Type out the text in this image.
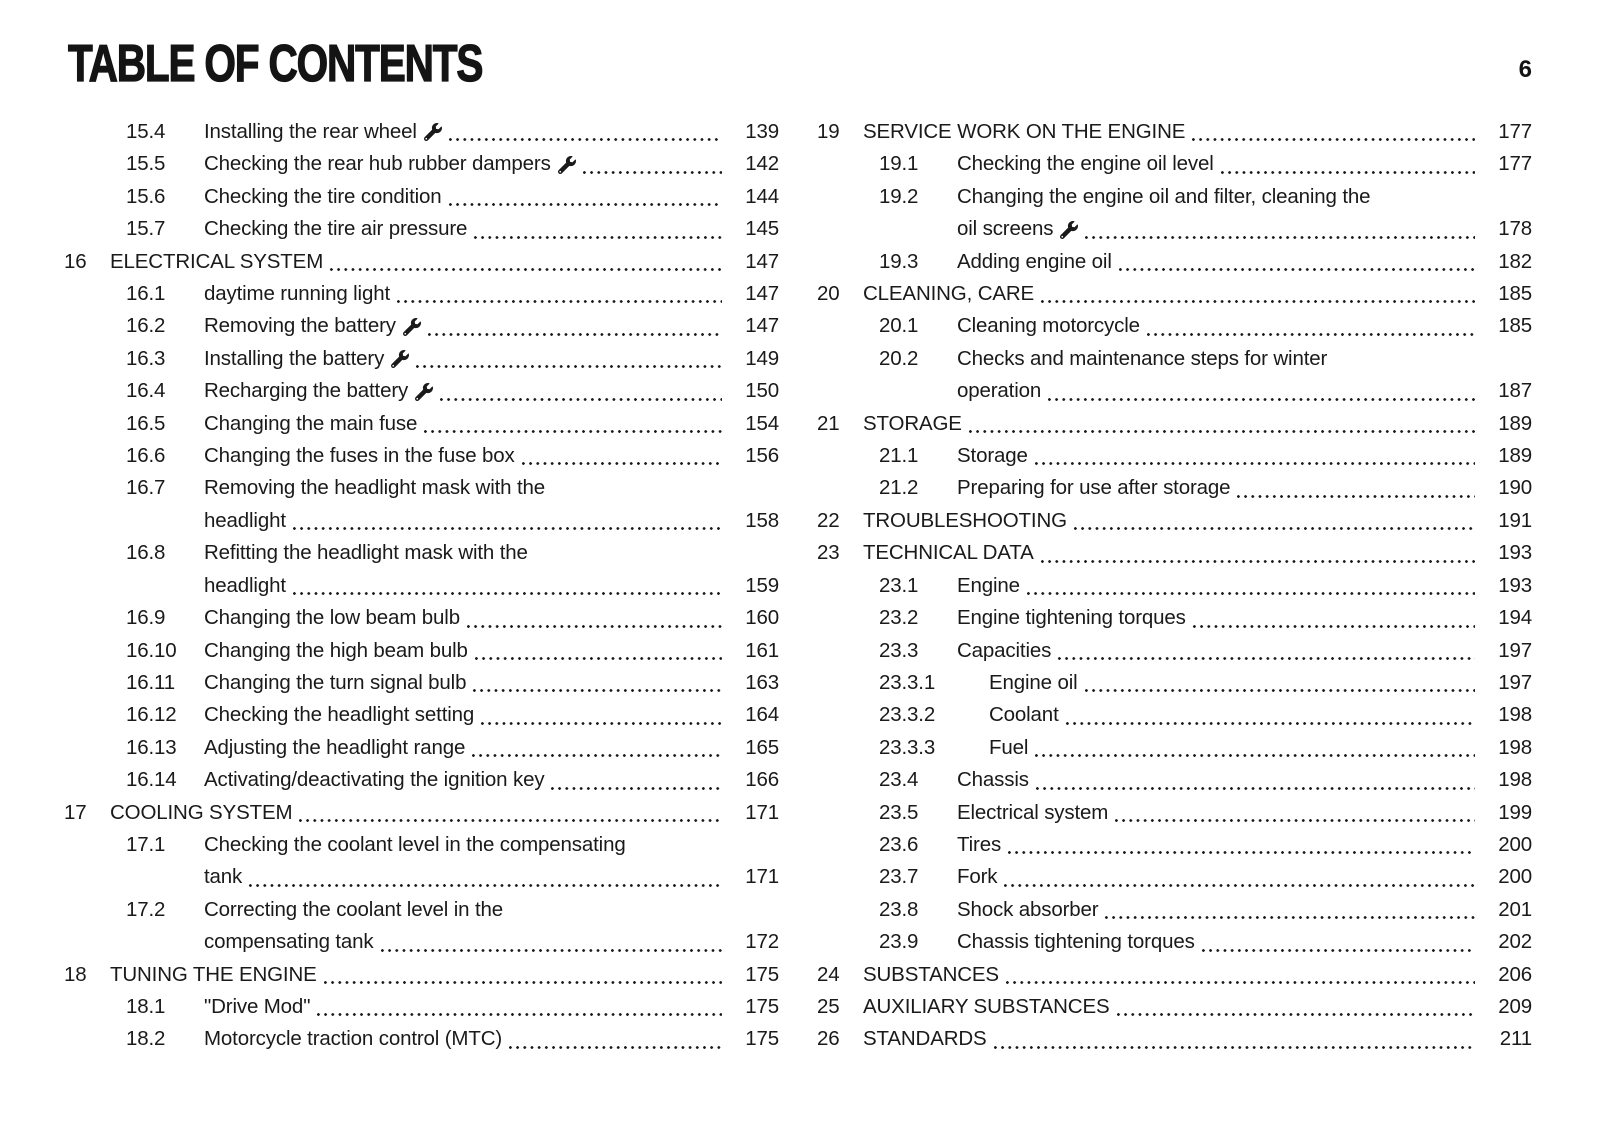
TABLE OF CONTENTS	6
15.4	Installing the rear wheel	139
15.5	Checking the rear hub rubber dampers	142
15.6	Checking the tire condition	144
15.7	Checking the tire air pressure	145
16	ELECTRICAL SYSTEM	147
16.1	daytime running light	147
16.2	Removing the battery	147
16.3	Installing the battery	149
16.4	Recharging the battery	150
16.5	Changing the main fuse	154
16.6	Changing the fuses in the fuse box	156
16.7	Removing the headlight mask with the
headlight	158
16.8	Refitting the headlight mask with the
headlight	159
16.9	Changing the low beam bulb	160
16.10	Changing the high beam bulb	161
16.11	Changing the turn signal bulb	163
16.12	Checking the headlight setting	164
16.13	Adjusting the headlight range	165
16.14	Activating/deactivating the ignition key	166
17	COOLING SYSTEM	171
17.1	Checking the coolant level in the compensating
tank	171
17.2	Correcting the coolant level in the
compensating tank	172
18	TUNING THE ENGINE	175
18.1	"Drive Mod"	175
18.2	Motorcycle traction control (MTC)	175
19	SERVICE WORK ON THE ENGINE	177
19.1	Checking the engine oil level	177
19.2	Changing the engine oil and filter, cleaning the
oil screens	178
19.3	Adding engine oil	182
20	CLEANING, CARE	185
20.1	Cleaning motorcycle	185
20.2	Checks and maintenance steps for winter
operation	187
21	STORAGE	189
21.1	Storage	189
21.2	Preparing for use after storage	190
22	TROUBLESHOOTING	191
23	TECHNICAL DATA	193
23.1	Engine	193
23.2	Engine tightening torques	194
23.3	Capacities	197
23.3.1	Engine oil	197
23.3.2	Coolant	198
23.3.3	Fuel	198
23.4	Chassis	198
23.5	Electrical system	199
23.6	Tires	200
23.7	Fork	200
23.8	Shock absorber	201
23.9	Chassis tightening torques	202
24	SUBSTANCES	206
25	AUXILIARY SUBSTANCES	209
26	STANDARDS	211
